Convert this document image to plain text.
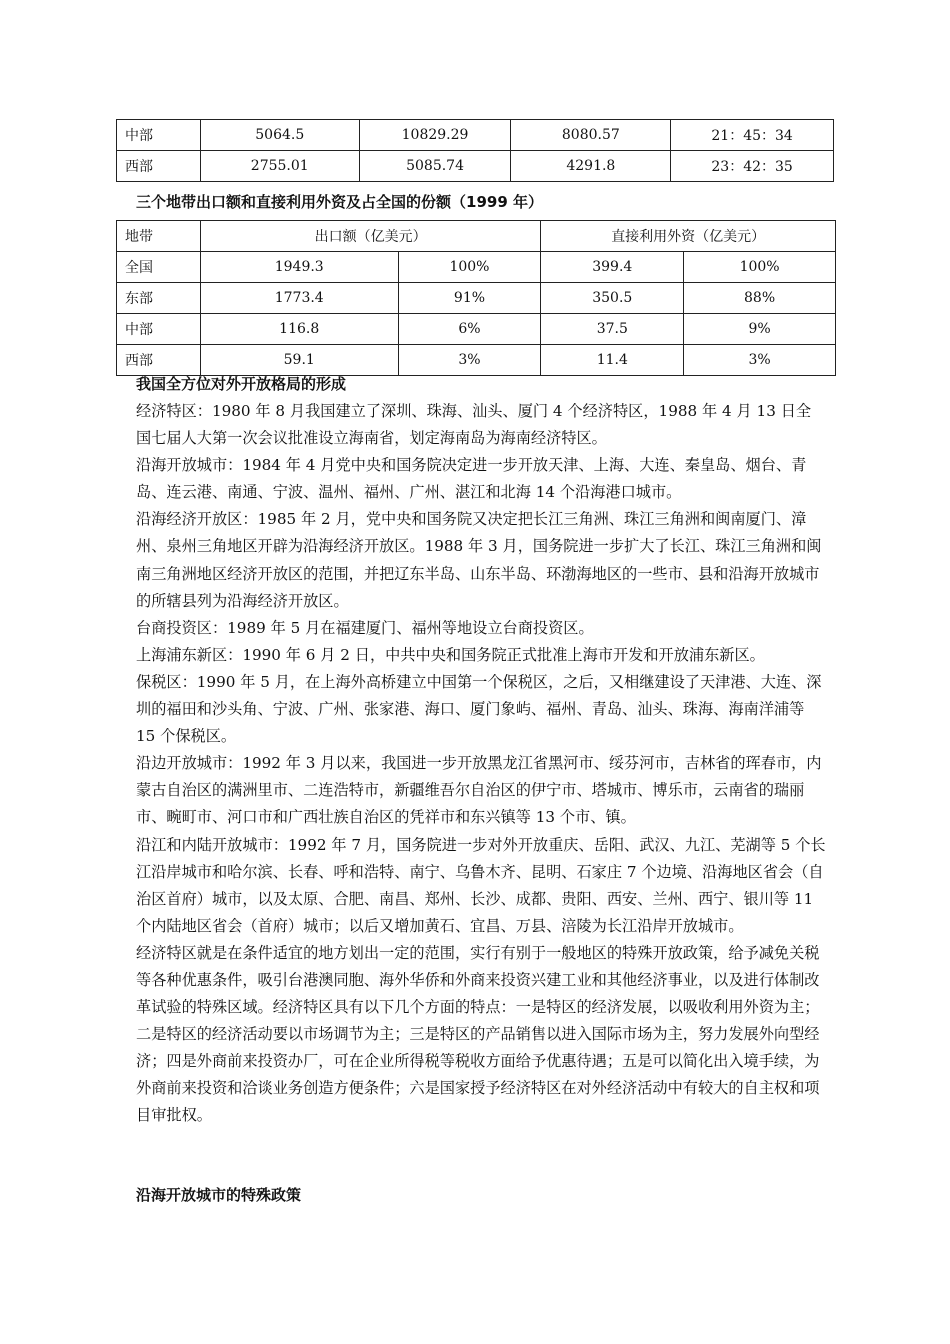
中部	5064.5	10829.29	8080.57	21：45：34
西部	2755.01	5085.74	4291.8	23：42：35
三个地带出口额和直接利用外资及占全国的份额（1999 年）
地带	出口额（亿美元）		直接利用外资（亿美元）	
全国	1949.3	100%	399.4	100%
东部	1773.4	91%	350.5	88%
中部	116.8	6%	37.5	9%
西部	59.1	3%	11.4	3%
我国全方位对外开放格局的形成

经济特区：1980 年 8 月我国建立了深圳、珠海、汕头、厦门 4 个经济特区，1988 年 4 月 13 日全国七届人大第一次会议批准设立海南省，划定海南岛为海南经济特区。

沿海开放城市：1984 年 4 月党中央和国务院决定进一步开放天津、上海、大连、秦皇岛、烟台、青岛、连云港、南通、宁波、温州、福州、广州、湛江和北海 14 个沿海港口城市。

沿海经济开放区：1985 年 2 月，党中央和国务院又决定把长江三角洲、珠江三角洲和闽南厦门、漳州、泉州三角地区开辟为沿海经济开放区。1988 年 3 月，国务院进一步扩大了长江、珠江三角洲和闽南三角洲地区经济开放区的范围，并把辽东半岛、山东半岛、环渤海地区的一些市、县和沿海开放城市的所辖县列为沿海经济开放区。

台商投资区：1989 年 5 月在福建厦门、福州等地设立台商投资区。

上海浦东新区：1990 年 6 月 2 日，中共中央和国务院正式批准上海市开发和开放浦东新区。

保税区：1990 年 5 月，在上海外高桥建立中国第一个保税区，之后，又相继建设了天津港、大连、深圳的福田和沙头角、宁波、广州、张家港、海口、厦门象屿、福州、青岛、汕头、珠海、海南洋浦等 15 个保税区。

沿边开放城市：1992 年 3 月以来，我国进一步开放黑龙江省黑河市、绥芬河市，吉林省的珲春市，内蒙古自治区的满洲里市、二连浩特市，新疆维吾尔自治区的伊宁市、塔城市、博乐市，云南省的瑞丽市、畹町市、河口市和广西壮族自治区的凭祥市和东兴镇等 13 个市、镇。

沿江和内陆开放城市：1992 年 7 月，国务院进一步对外开放重庆、岳阳、武汉、九江、芜湖等 5 个长江沿岸城市和哈尔滨、长春、呼和浩特、南宁、乌鲁木齐、昆明、石家庄 7 个边境、沿海地区省会（自治区首府）城市，以及太原、合肥、南昌、郑州、长沙、成都、贵阳、西安、兰州、西宁、银川等 11 个内陆地区省会（首府）城市；以后又增加黄石、宜昌、万县、涪陵为长江沿岸开放城市。

经济特区就是在条件适宜的地方划出一定的范围，实行有别于一般地区的特殊开放政策，给予减免关税等各种优惠条件，吸引台港澳同胞、海外华侨和外商来投资兴建工业和其他经济事业，以及进行体制改革试验的特殊区域。经济特区具有以下几个方面的特点：一是特区的经济发展，以吸收利用外资为主；二是特区的经济活动要以市场调节为主；三是特区的产品销售以进入国际市场为主，努力发展外向型经济；四是外商前来投资办厂，可在企业所得税等税收方面给予优惠待遇；五是可以简化出入境手续，为外商前来投资和洽谈业务创造方便条件；六是国家授予经济特区在对外经济活动中有较大的自主权和项目审批权。

沿海开放城市的特殊政策
